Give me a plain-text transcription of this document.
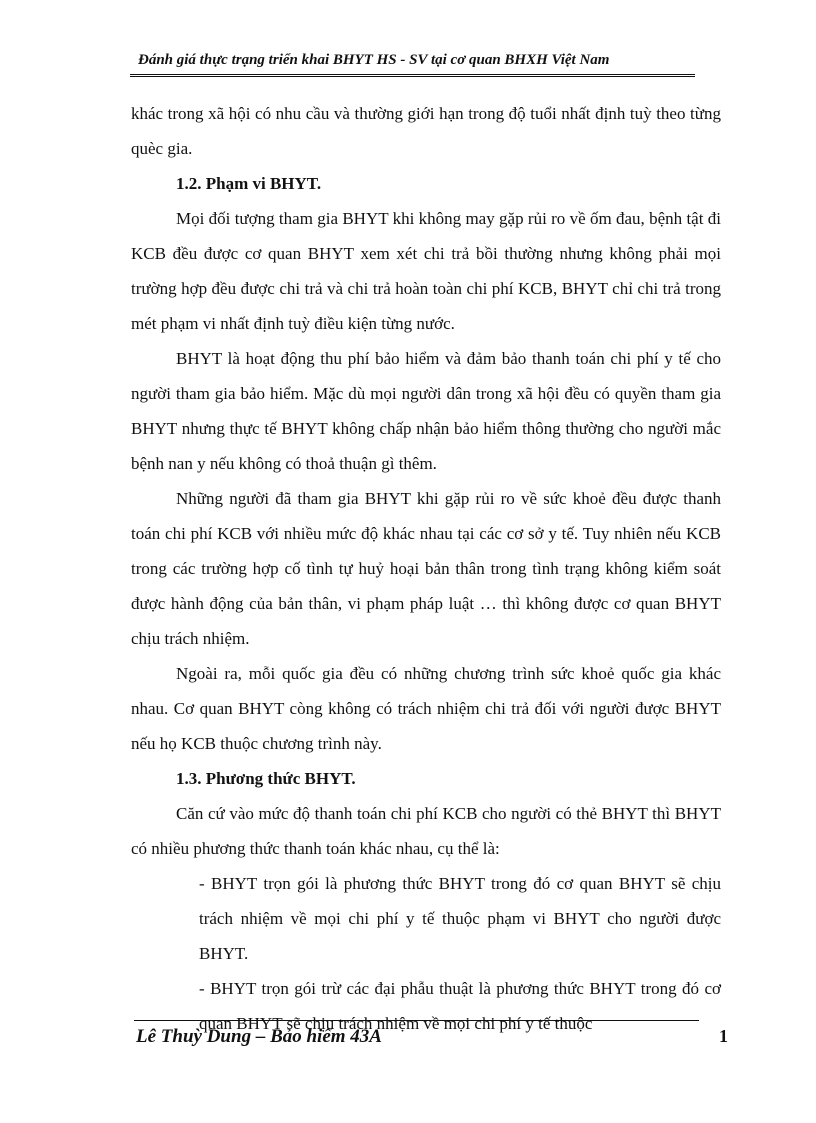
Đánh giá thực trạng triển khai BHYT HS - SV tại cơ quan BHXH Việt Nam

khác trong xã hội có nhu cầu và thường giới hạn trong độ tuổi nhất định tuỳ theo từng quèc gia.

1.2. Phạm vi BHYT.

Mọi đối tượng tham gia BHYT khi không may gặp rủi ro về ốm đau, bệnh tật đi KCB đều được cơ quan BHYT xem xét chi trả bồi thường nhưng không phải mọi trường hợp đều được chi trả và chi trả hoàn toàn chi phí KCB, BHYT chỉ chi trả trong mét phạm vi nhất định tuỳ điều kiện từng nước.

BHYT là hoạt động thu phí bảo hiểm và đảm bảo thanh toán chi phí y tế cho người tham gia bảo hiểm. Mặc dù mọi người dân trong xã hội đều có quyền tham gia BHYT nhưng thực tế BHYT không chấp nhận bảo hiểm thông thường cho người mắc bệnh nan y nếu không có thoả thuận gì thêm.

Những người đã tham gia BHYT khi gặp rủi ro về sức khoẻ đều được thanh toán chi phí KCB với nhiều mức độ khác nhau tại các cơ sở y tế. Tuy nhiên nếu KCB trong các trường hợp cố tình tự huỷ hoại bản thân trong tình trạng không kiểm soát được hành động của bản thân, vi phạm pháp luật … thì không được cơ quan BHYT chịu trách nhiệm.

Ngoài ra, mỗi quốc gia đều có những chương trình sức khoẻ quốc gia khác nhau. Cơ quan BHYT còng không có trách nhiệm chi trả đối với người được BHYT nếu họ KCB thuộc chương trình này.

1.3. Phương thức BHYT.

Căn cứ vào mức độ thanh toán chi phí KCB cho người có thẻ BHYT thì BHYT có nhiều phương thức thanh toán khác nhau, cụ thể là:

- BHYT trọn gói là phương thức BHYT trong đó cơ quan BHYT sẽ chịu trách nhiệm về mọi chi phí y tế thuộc phạm vi BHYT cho người được BHYT.

- BHYT trọn gói trừ các đại phẫu thuật là phương thức BHYT trong đó cơ quan BHYT sẽ chịu trách nhiệm về mọi chi phí y tế thuộc

Lê Thuỳ Dung – Bảo hiểm 43A	1
